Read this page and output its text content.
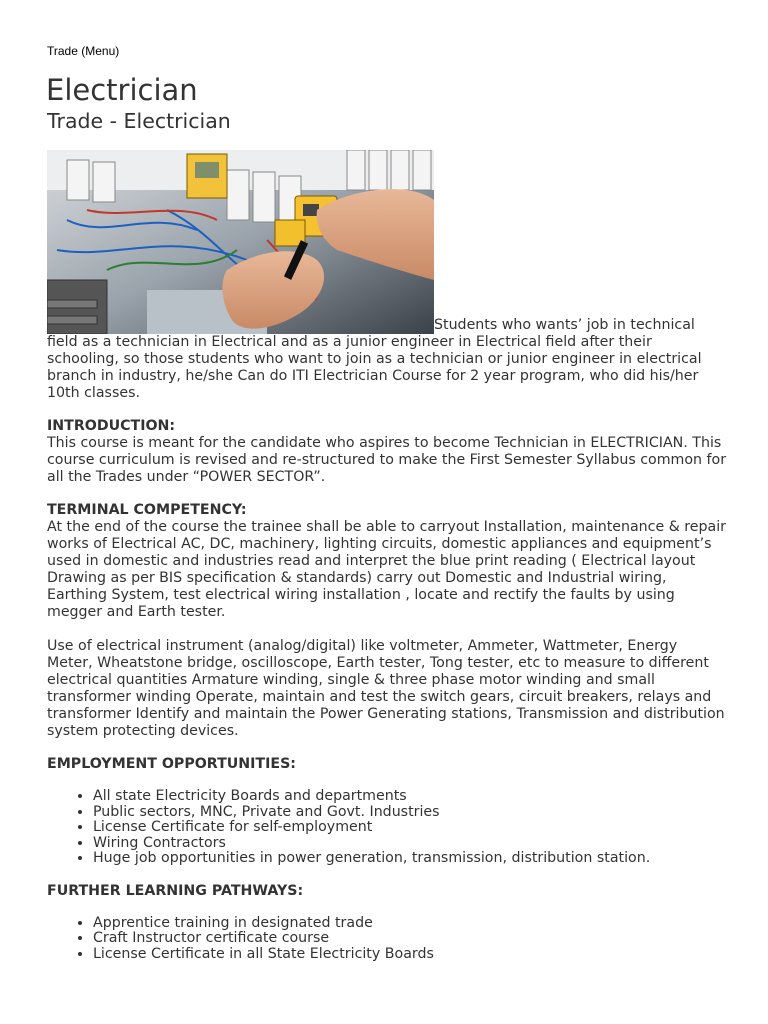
Trade (Menu)
Electrician
Trade - Electrician

Students who wants’ job in technical field as a technician in Electrical and as a junior engineer in Electrical field after their schooling, so those students who want to join as a technician or junior engineer in electrical branch in industry, he/she Can do ITI Electrician Course for 2 year program, who did his/her 10th classes.

INTRODUCTION:

This course is meant for the candidate who aspires to become Technician in ELECTRICIAN. This course curriculum is revised and re-structured to make the First Semester Syllabus common for all the Trades under “POWER SECTOR”.

TERMINAL COMPETENCY:

At the end of the course the trainee shall be able to carryout Installation, maintenance & repair works of Electrical AC, DC, machinery, lighting circuits, domestic appliances and equipment’s used in domestic and industries read and interpret the blue print reading ( Electrical layout Drawing as per BIS specification & standards) carry out Domestic and Industrial wiring, Earthing System, test electrical wiring installation , locate and rectify the faults by using megger and Earth tester.

Use of electrical instrument (analog/digital) like voltmeter, Ammeter, Wattmeter, Energy Meter, Wheatstone bridge, oscilloscope, Earth tester, Tong tester, etc to measure to different electrical quantities Armature winding, single & three phase motor winding and small transformer winding Operate, maintain and test the switch gears, circuit breakers, relays and transformer Identify and maintain the Power Generating stations, Transmission and distribution system protecting devices.

EMPLOYMENT OPPORTUNITIES:

• All state Electricity Boards and departments
• Public sectors, MNC, Private and Govt. Industries
• License Certificate for self-employment
• Wiring Contractors
• Huge job opportunities in power generation, transmission, distribution station.

FURTHER LEARNING PATHWAYS:

• Apprentice training in designated trade
• Craft Instructor certificate course
• License Certificate in all State Electricity Boards
